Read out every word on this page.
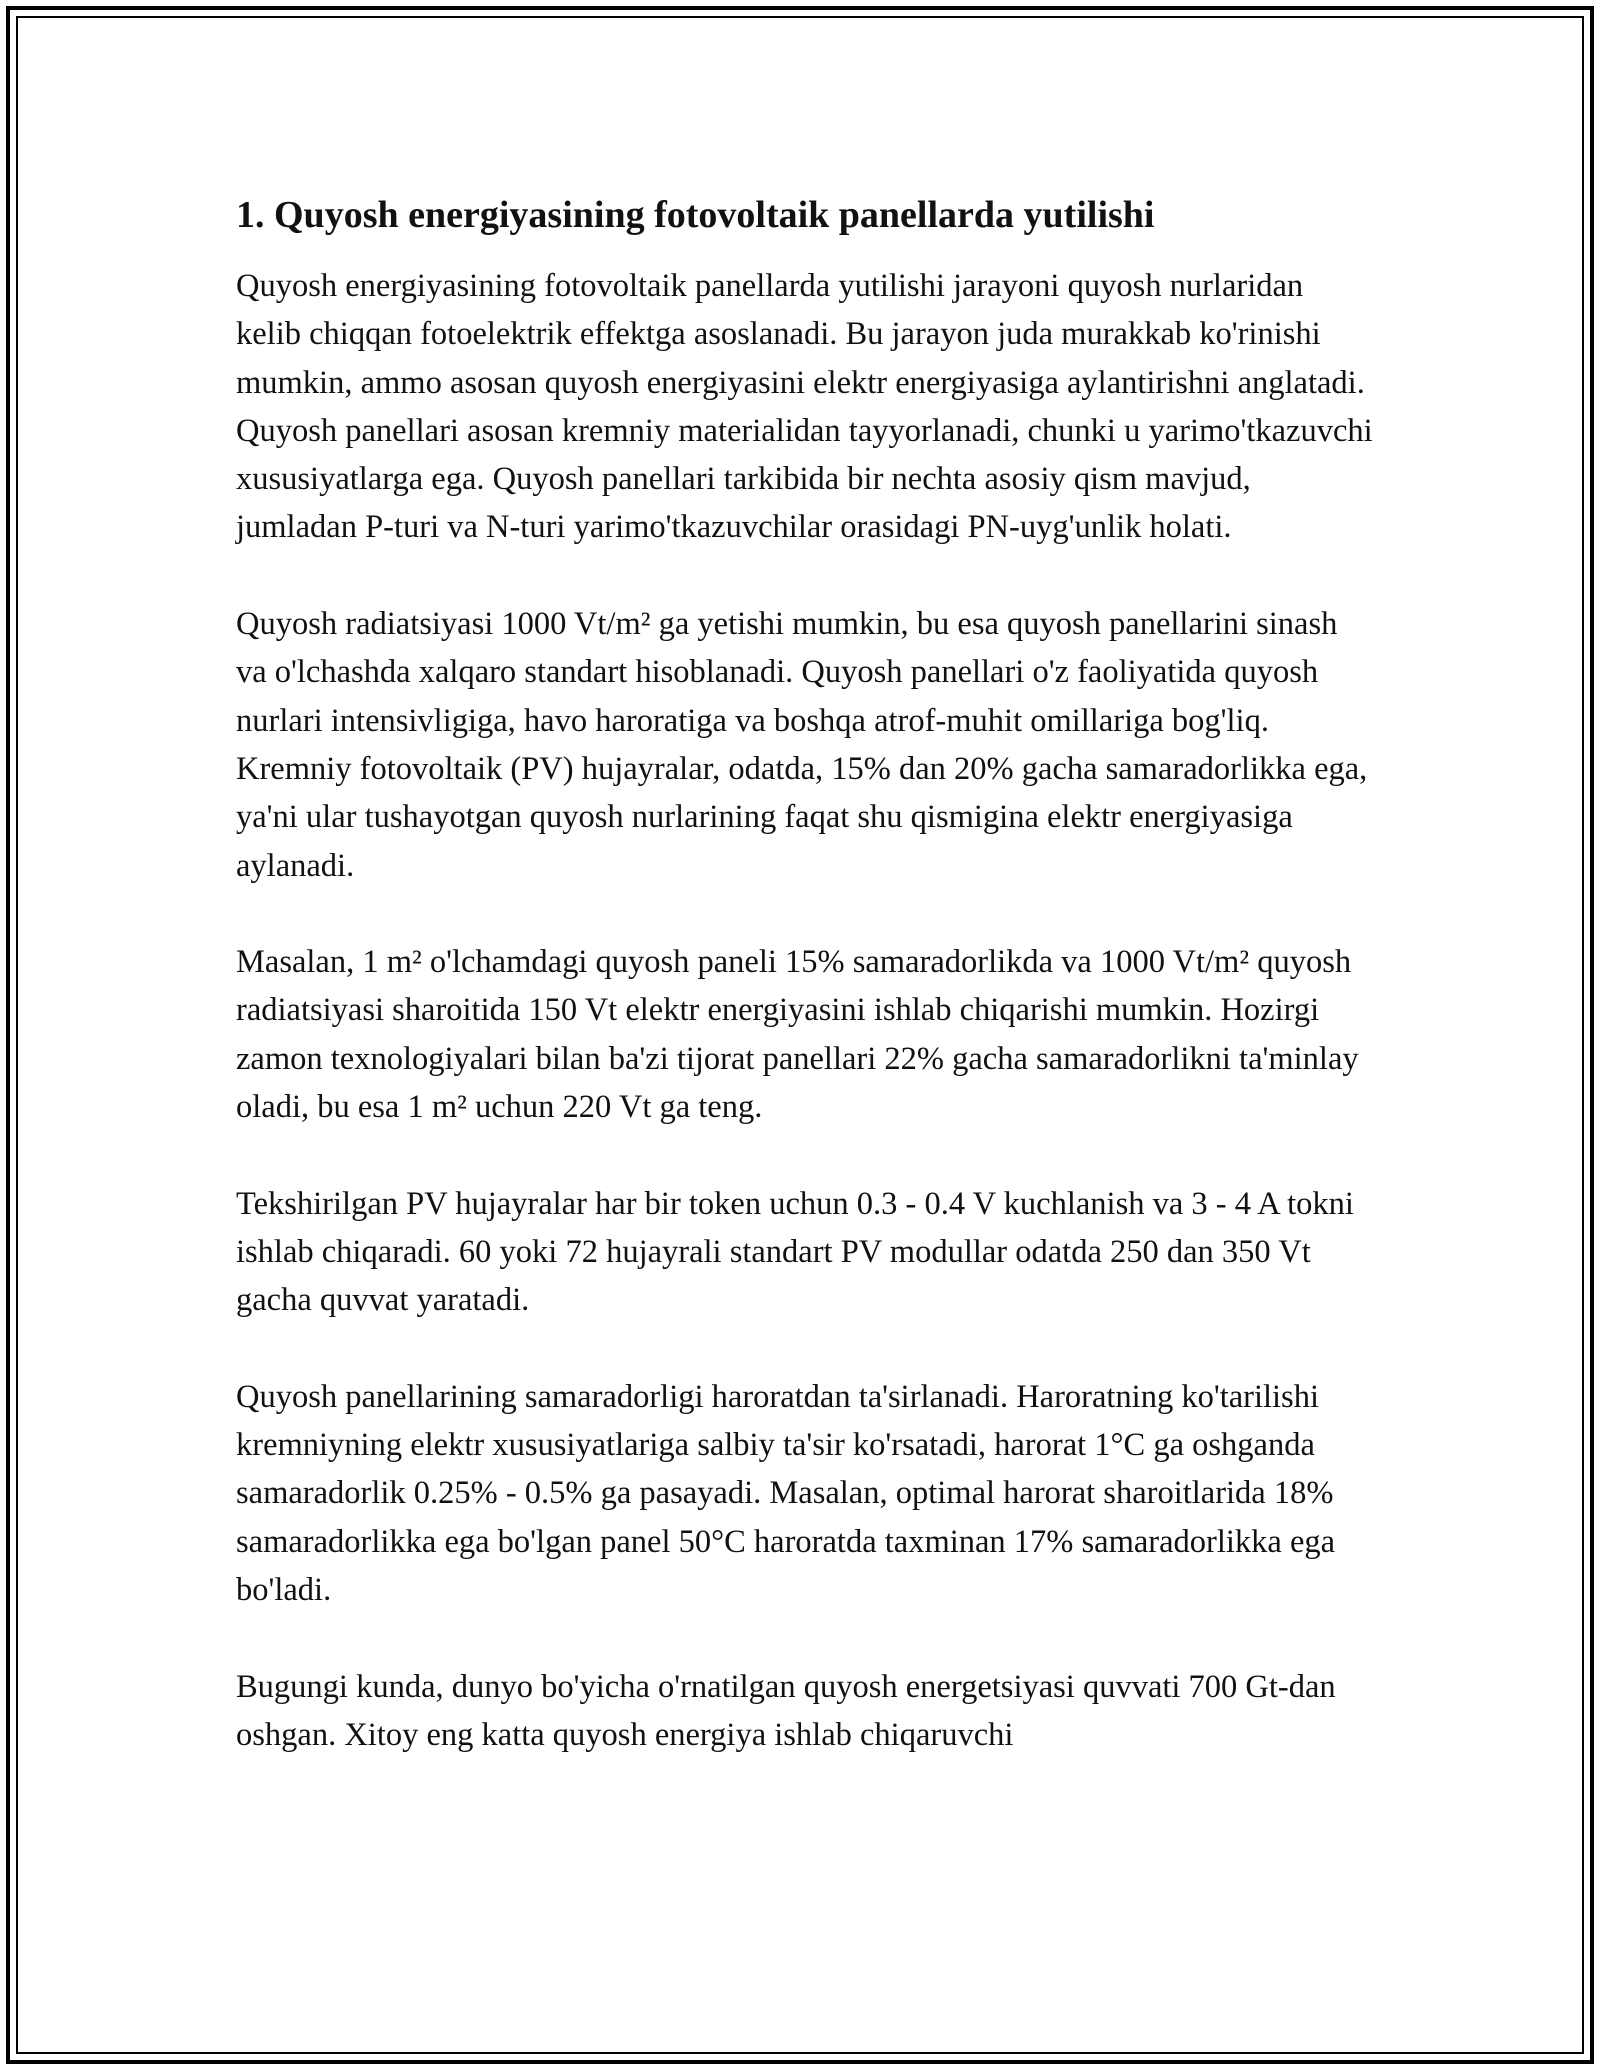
1. Quyosh energiyasining fotovoltaik panellarda yutilishi

Quyosh energiyasining fotovoltaik panellarda yutilishi jarayoni quyosh nurlaridan kelib chiqqan fotoelektrik effektga asoslanadi. Bu jarayon juda murakkab ko'rinishi mumkin, ammo asosan quyosh energiyasini elektr energiyasiga aylantirishni anglatadi. Quyosh panellari asosan kremniy materialidan tayyorlanadi, chunki u yarimo'tkazuvchi xususiyatlarga ega. Quyosh panellari tarkibida bir nechta asosiy qism mavjud, jumladan P-turi va N-turi yarimo'tkazuvchilar orasidagi PN-uyg'unlik holati.

Quyosh radiatsiyasi 1000 Vt/m² ga yetishi mumkin, bu esa quyosh panellarini sinash va o'lchashda xalqaro standart hisoblanadi. Quyosh panellari o'z faoliyatida quyosh nurlari intensivligiga, havo haroratiga va boshqa atrof-muhit omillariga bog'liq. Kremniy fotovoltaik (PV) hujayralar, odatda, 15% dan 20% gacha samaradorlikka ega, ya'ni ular tushayotgan quyosh nurlarining faqat shu qismigina elektr energiyasiga aylanadi.

Masalan, 1 m² o'lchamdagi quyosh paneli 15% samaradorlikda va 1000 Vt/m² quyosh radiatsiyasi sharoitida 150 Vt elektr energiyasini ishlab chiqarishi mumkin. Hozirgi zamon texnologiyalari bilan ba'zi tijorat panellari 22% gacha samaradorlikni ta'minlay oladi, bu esa 1 m² uchun 220 Vt ga teng.

Tekshirilgan PV hujayralar har bir token uchun 0.3 - 0.4 V kuchlanish va 3 - 4 A tokni ishlab chiqaradi. 60 yoki 72 hujayrali standart PV modullar odatda 250 dan 350 Vt gacha quvvat yaratadi.

Quyosh panellarining samaradorligi haroratdan ta'sirlanadi. Haroratning ko'tarilishi kremniyning elektr xususiyatlariga salbiy ta'sir ko'rsatadi, harorat 1°C ga oshganda samaradorlik 0.25% - 0.5% ga pasayadi. Masalan, optimal harorat sharoitlarida 18% samaradorlikka ega bo'lgan panel 50°C haroratda taxminan 17% samaradorlikka ega bo'ladi.

Bugungi kunda, dunyo bo'yicha o'rnatilgan quyosh energetsiyasi quvvati 700 Gt-dan oshgan. Xitoy eng katta quyosh energiya ishlab chiqaruvchi
